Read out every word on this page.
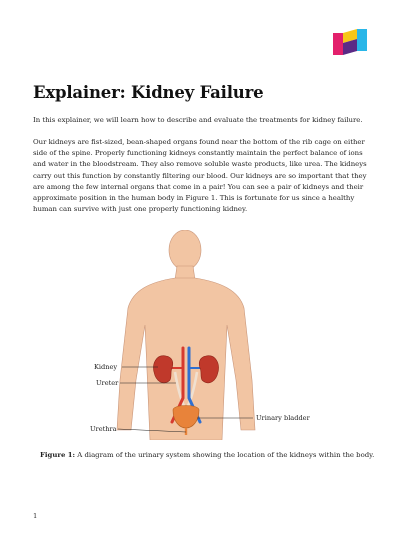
Explainer: Kidney Failure

In this explainer, we will learn how to describe and evaluate the treatments for kidney failure.

Our kidneys are fist-sized, bean-shaped organs found near the bottom of the rib cage on either side of the spine. Properly functioning kidneys constantly maintain the perfect balance of ions and water in the bloodstream. They also remove soluble waste products, like urea. The kidneys carry out this function by constantly filtering our blood. Our kidneys are so important that they are among the few internal organs that come in a pair! You can see a pair of kidneys and their approximate position in the human body in Figure 1. This is fortunate for us since a healthy human can survive with just one properly functioning kidney.

Kidney
Ureter
Urinary bladder
Urethra

Figure 1: A diagram of the urinary system showing the location of the kidneys within the body.

1
